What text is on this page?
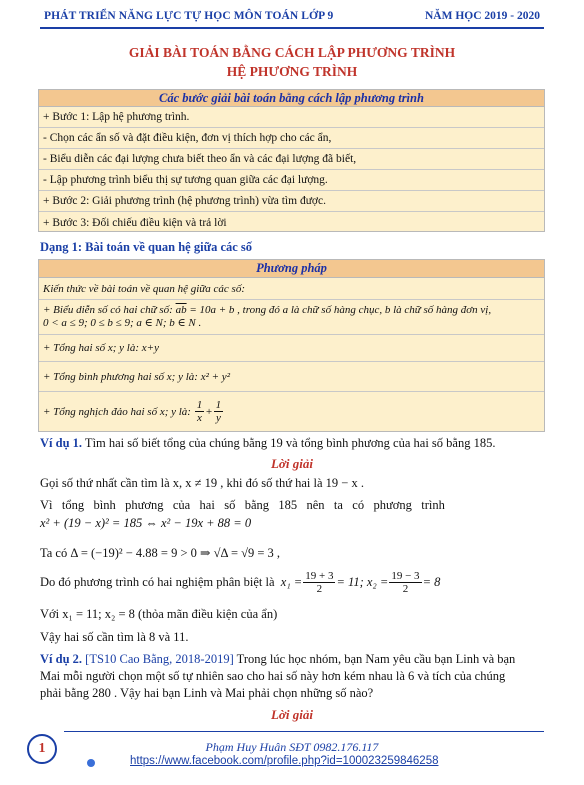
PHÁT TRIỂN NĂNG LỰC TỰ HỌC MÔN TOÁN LỚP 9	NĂM HỌC 2019 - 2020
GIẢI BÀI TOÁN BẰNG CÁCH LẬP PHƯƠNG TRÌNH
HỆ PHƯƠNG TRÌNH
Các bước giải bài toán bằng cách lập phương trình
+ Bước 1: Lập hệ phương trình.
- Chọn các ẩn số và đặt điều kiện, đơn vị thích hợp cho các ẩn,
- Biểu diễn các đại lượng chưa biết theo ẩn và các đại lượng đã biết,
- Lập phương trình biểu thị sự tương quan giữa các đại lượng.
+ Bước 2: Giải phương trình (hệ phương trình) vừa tìm được.
+ Bước 3: Đối chiếu điều kiện và trả lời
Dạng 1: Bài toán về quan hệ giữa các số
Phương pháp
Kiến thức về bài toán về quan hệ giữa các số:
+ Biểu diễn số có hai chữ số: $\overline{ab} = 10a + b$ , trong đó a là chữ số hàng chục, b là chữ số hàng đơn vị,
0 < a ≤ 9; 0 ≤ b ≤ 9; a ∈ N; b ∈ N .
+ Tổng hai số x; y là: x+y
+ Tổng bình phương hai số x; y là:
x² + y²
+ Tổng nghịch đảo hai số x; y là:
$\frac{1}{x} + \frac{1}{y}$
Ví dụ 1. Tìm hai số biết tổng của chúng bằng 19 và tổng bình phương của hai số bằng 185.
Lời giải
Gọi số thứ nhất cần tìm là x, x ≠ 19 , khi đó số thứ hai là 19 − x .
Vì   tổng   bình   phương   của   hai   số   bằng   185   nên   ta   có   phương   trình
x² + (19 − x)² = 185 ⇔ x² − 19x + 88 = 0
Ta có Δ = (−19)² − 4.88 = 9 > 0 ⇒ √Δ = √9 = 3 ,
Do đó phương trình có hai nghiệm phân biệt là
$x_1 = \frac{19 + 3}{2} = 11$; $x_2 = \frac{19 - 3}{2} = 8$
Với x₁ = 11; x₂ = 8 (thỏa mãn điều kiện của ẩn)
Vậy hai số cần tìm là 8 và 11.
Ví dụ 2. [TS10 Cao Bằng, 2018-2019] Trong lúc học nhóm, bạn Nam yêu cầu bạn Linh và bạn
Mai mỗi người chọn một số tự nhiên sao cho hai số này hơn kém nhau là 6 và tích của chúng
phải bằng 280 . Vậy hai bạn Linh và Mai phải chọn những số nào?
Lời giải
1	Phạm Huy Huân SĐT 0982.176.117
https://www.facebook.com/profile.php?id=100023259846258
